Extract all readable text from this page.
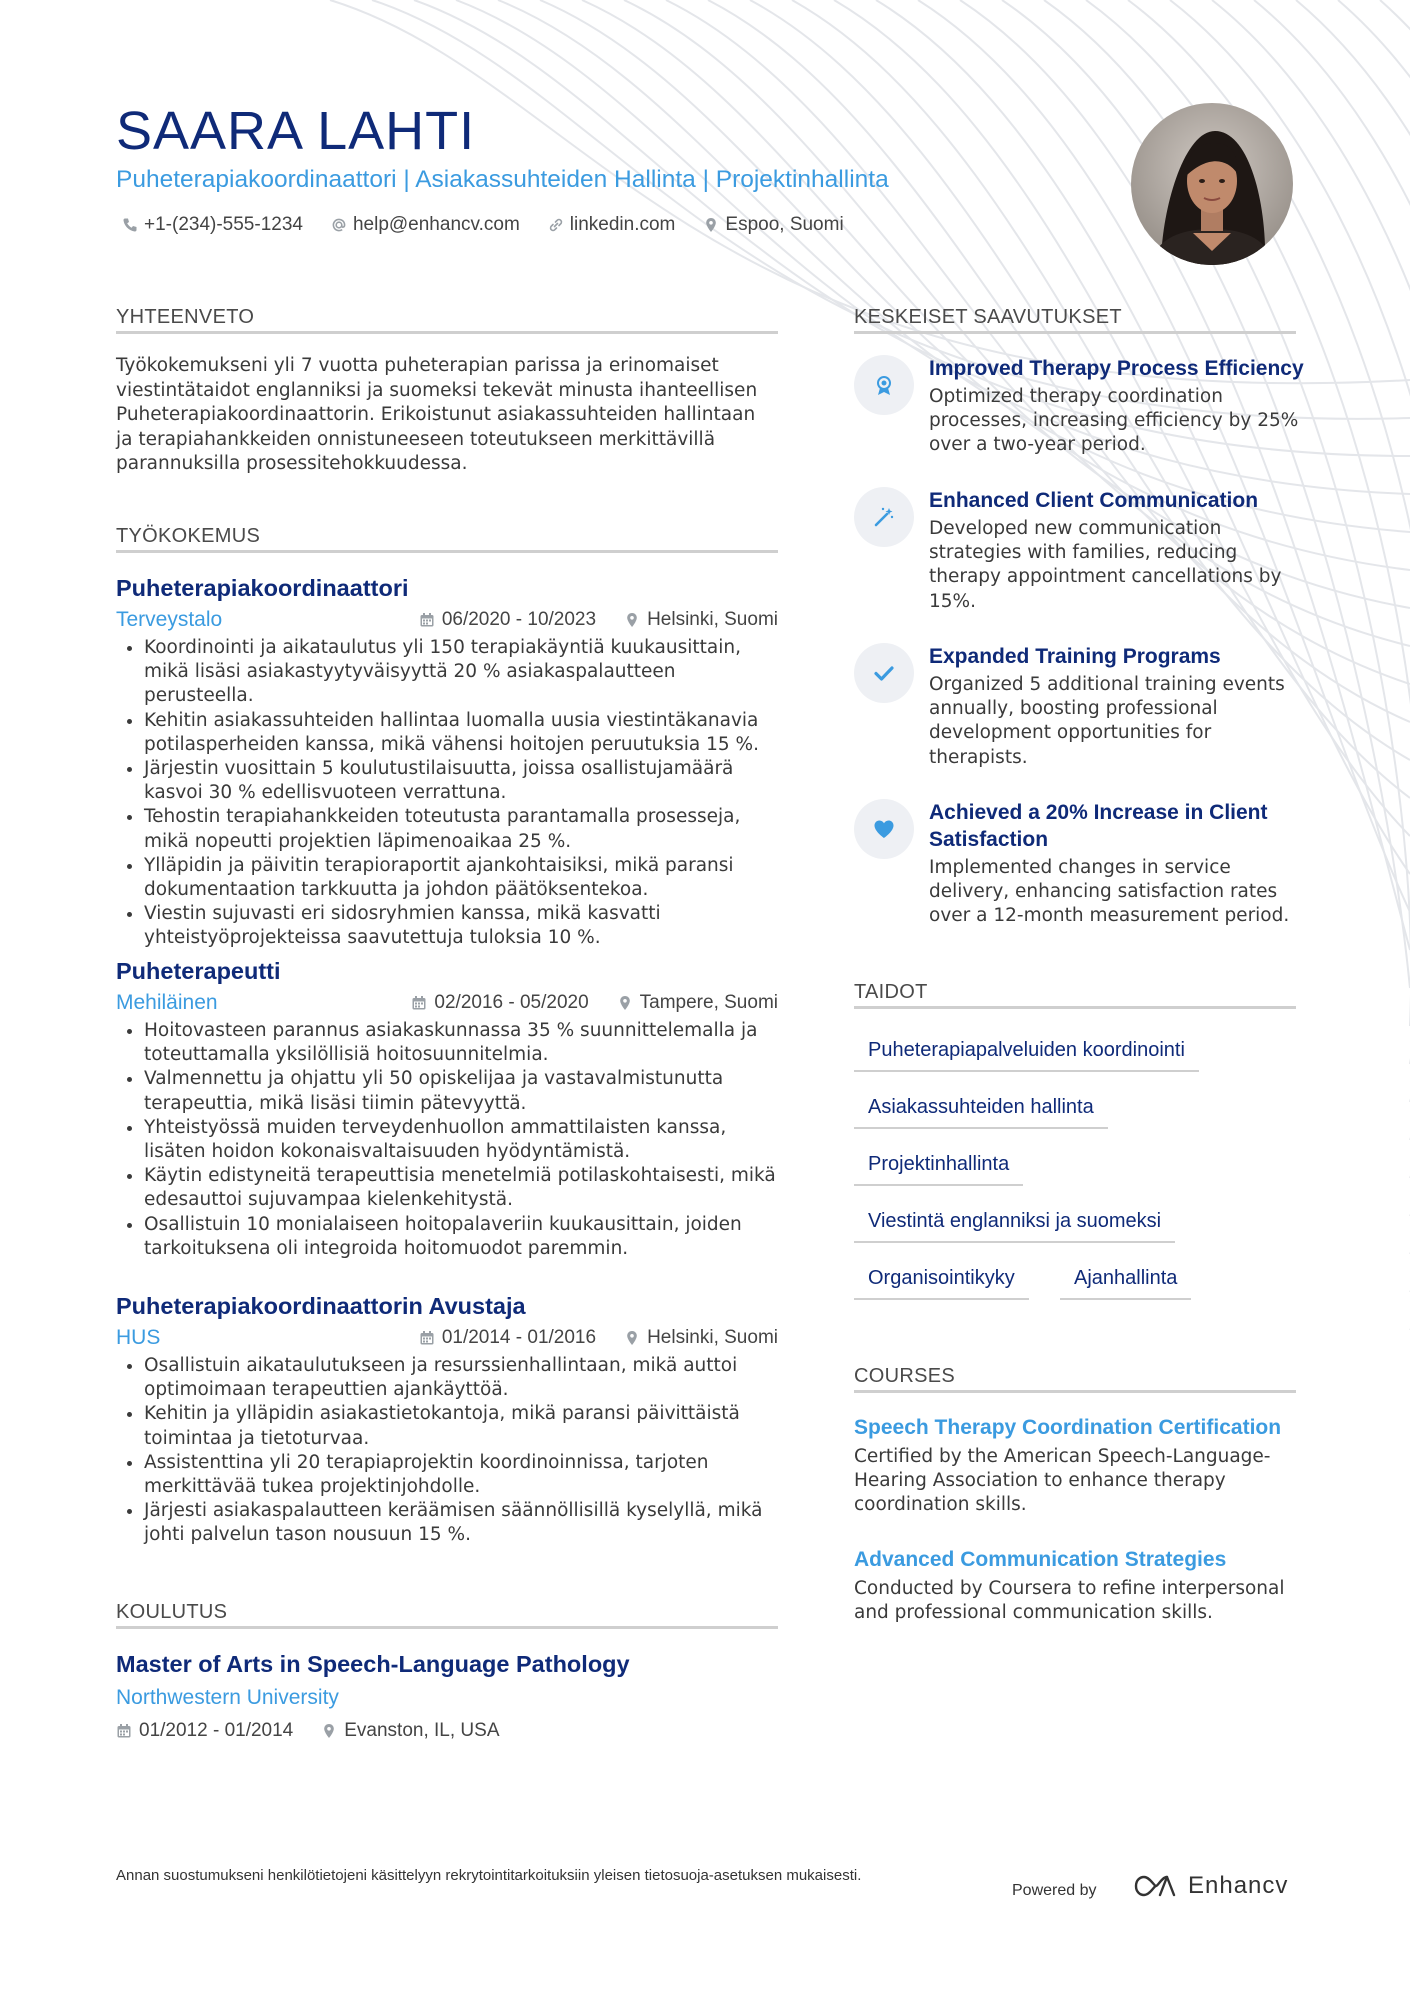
SAARA LAHTI

Puheterapiakoordinaattori | Asiakassuhteiden Hallinta | Projektinhallinta

+1-(234)-555-1234	help@enhancv.com	linkedin.com	Espoo, Suomi
YHTEENVETO

Työkokemukseni yli 7 vuotta puheterapian parissa ja erinomaiset viestintätaidot englanniksi ja suomeksi tekevät minusta ihanteellisen Puheterapiakoordinaattorin. Erikoistunut asiakassuhteiden hallintaan ja terapiahankkeiden onnistuneeseen toteutukseen merkittävillä parannuksilla prosessitehokkuudessa.

TYÖKOKEMUS
Puheterapiakoordinaattori
Terveystalo	06/2020 - 10/2023	Helsinki, Suomi
• Koordinointi ja aikataulutus yli 150 terapiakäyntiä kuukausittain, mikä lisäsi asiakastyytyväisyyttä 20 % asiakaspalautteen perusteella.
• Kehitin asiakassuhteiden hallintaa luomalla uusia viestintäkanavia potilasperheiden kanssa, mikä vähensi hoitojen peruutuksia 15 %.
• Järjestin vuosittain 5 koulutustilaisuutta, joissa osallistujamäärä kasvoi 30 % edellisvuoteen verrattuna.
• Tehostin terapiahankkeiden toteutusta parantamalla prosesseja, mikä nopeutti projektien läpimenoaikaa 25 %.
• Ylläpidin ja päivitin terapioraportit ajankohtaisiksi, mikä paransi dokumentaation tarkkuutta ja johdon päätöksentekoa.
• Viestin sujuvasti eri sidosryhmien kanssa, mikä kasvatti yhteistyöprojekteissa saavutettuja tuloksia 10 %.
Puheterapeutti
Mehiläinen	02/2016 - 05/2020	Tampere, Suomi
• Hoitovasteen parannus asiakaskunnassa 35 % suunnittelemalla ja toteuttamalla yksilöllisiä hoitosuunnitelmia.
• Valmennettu ja ohjattu yli 50 opiskelijaa ja vastavalmistunutta terapeuttia, mikä lisäsi tiimin pätevyyttä.
• Yhteistyössä muiden terveydenhuollon ammattilaisten kanssa, lisäten hoidon kokonaisvaltaisuuden hyödyntämistä.
• Käytin edistyneitä terapeuttisia menetelmiä potilaskohtaisesti, mikä edesauttoi sujuvampaa kielenkehitystä.
• Osallistuin 10 monialaiseen hoitopalaveriin kuukausittain, joiden tarkoituksena oli integroida hoitomuodot paremmin.
Puheterapiakoordinaattorin Avustaja
HUS	01/2014 - 01/2016	Helsinki, Suomi
• Osallistuin aikataulutukseen ja resurssienhallintaan, mikä auttoi optimoimaan terapeuttien ajankäyttöä.
• Kehitin ja ylläpidin asiakastietokantoja, mikä paransi päivittäistä toimintaa ja tietoturvaa.
• Assistenttina yli 20 terapiaprojektin koordinoinnissa, tarjoten merkittävää tukea projektinjohdolle.
• Järjesti asiakaspalautteen keräämisen säännöllisillä kyselyllä, mikä johti palvelun tason nousuun 15 %.
KOULUTUS
Master of Arts in Speech-Language Pathology
Northwestern University
01/2012 - 01/2014	Evanston, IL, USA
KESKEISET SAAVUTUKSET
Improved Therapy Process Efficiency

Optimized therapy coordination processes, increasing efficiency by 25% over a two-year period.

Enhanced Client Communication

Developed new communication strategies with families, reducing therapy appointment cancellations by 15%.

Expanded Training Programs

Organized 5 additional training events annually, boosting professional development opportunities for therapists.

Achieved a 20% Increase in Client Satisfaction

Implemented changes in service delivery, enhancing satisfaction rates over a 12-month measurement period.

TAIDOT
Puheterapiapalveluiden koordinointi
Asiakassuhteiden hallinta
Projektinhallinta
Viestintä englanniksi ja suomeksi
Organisointikyky	Ajanhallinta
COURSES
Speech Therapy Coordination Certification

Certified by the American Speech-Language-Hearing Association to enhance therapy coordination skills.

Advanced Communication Strategies

Conducted by Coursera to refine interpersonal and professional communication skills.

Annan suostumukseni henkilötietojeni käsittelyyn rekrytointitarkoituksiin yleisen tietosuoja-asetuksen mukaisesti.

Powered by	Enhancv
